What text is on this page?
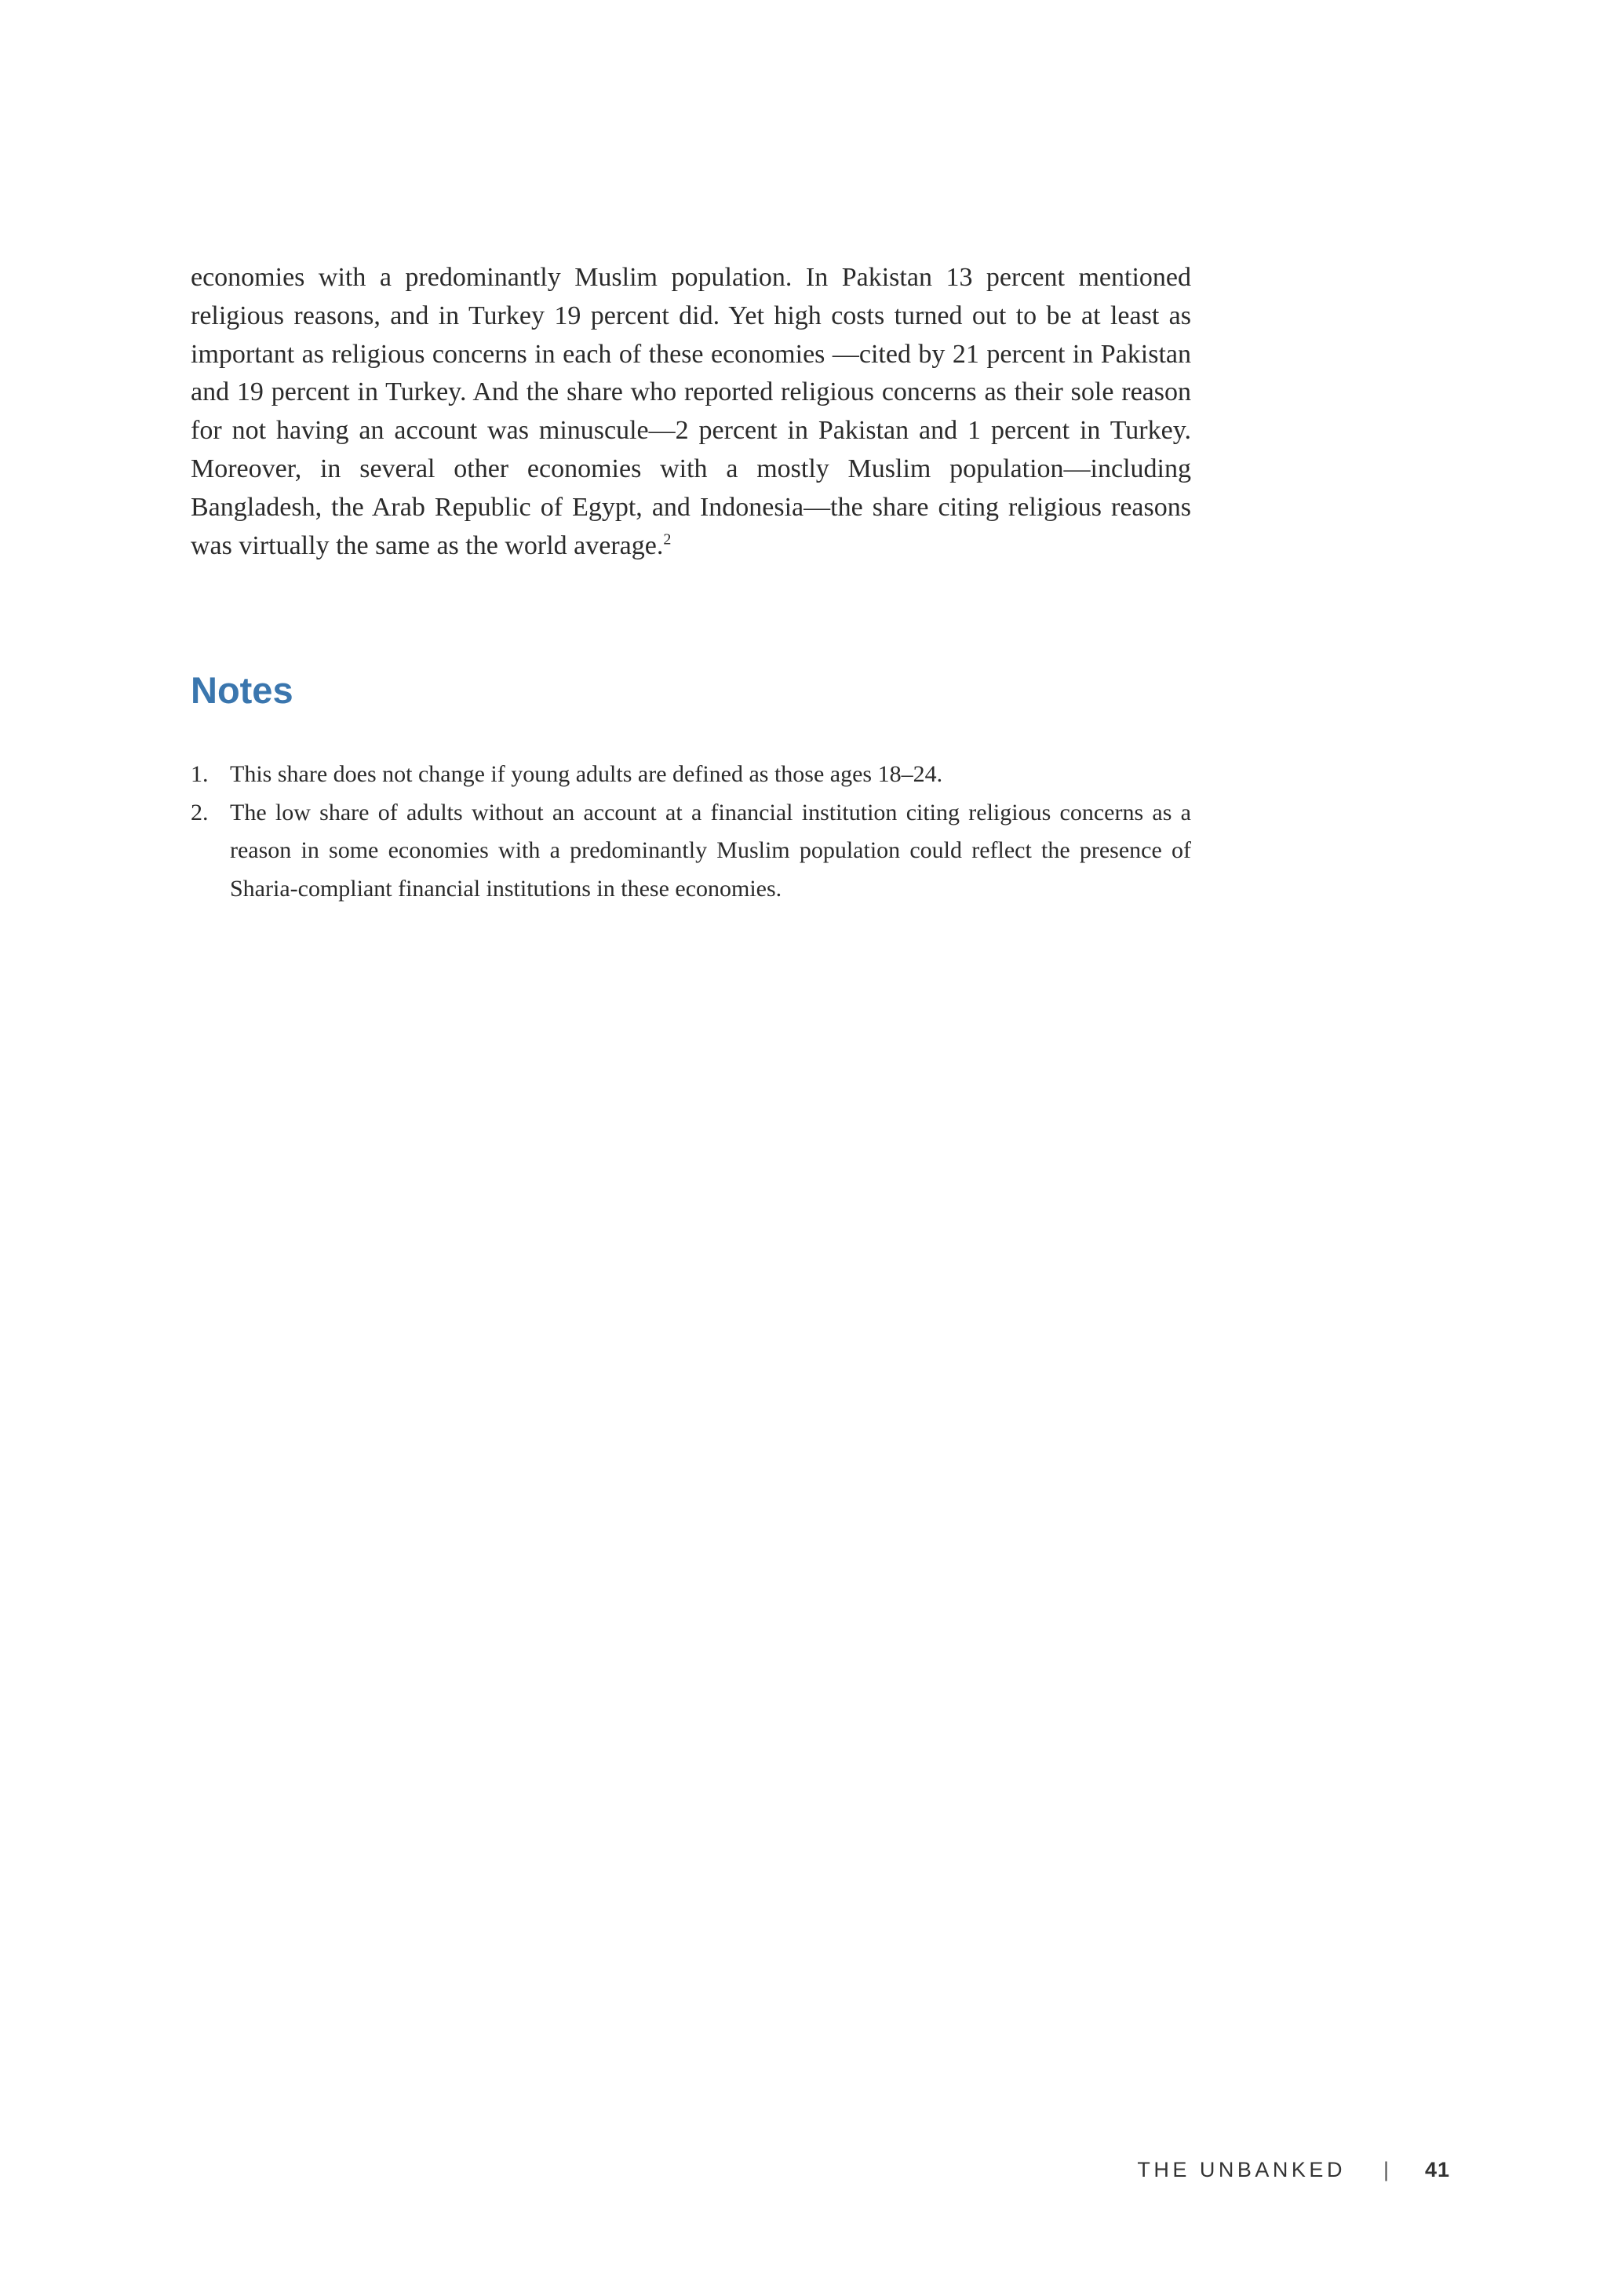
economies with a predominantly Muslim population. In Pakistan 13 percent mentioned religious reasons, and in Turkey 19 percent did. Yet high costs turned out to be at least as important as religious concerns in each of these economies —cited by 21 percent in Pakistan and 19 percent in Turkey. And the share who reported religious concerns as their sole reason for not having an account was minuscule—2 percent in Pakistan and 1 percent in Turkey. Moreover, in several other economies with a mostly Muslim population—including Bangladesh, the Arab Republic of Egypt, and Indonesia—the share citing religious reasons was virtually the same as the world average.$^2$

Notes
1. This share does not change if young adults are defined as those ages 18–24.
2. The low share of adults without an account at a financial institution citing religious concerns as a reason in some economies with a predominantly Muslim population could reflect the presence of Sharia-compliant financial institutions in these economies.
THE UNBANKED | 41
